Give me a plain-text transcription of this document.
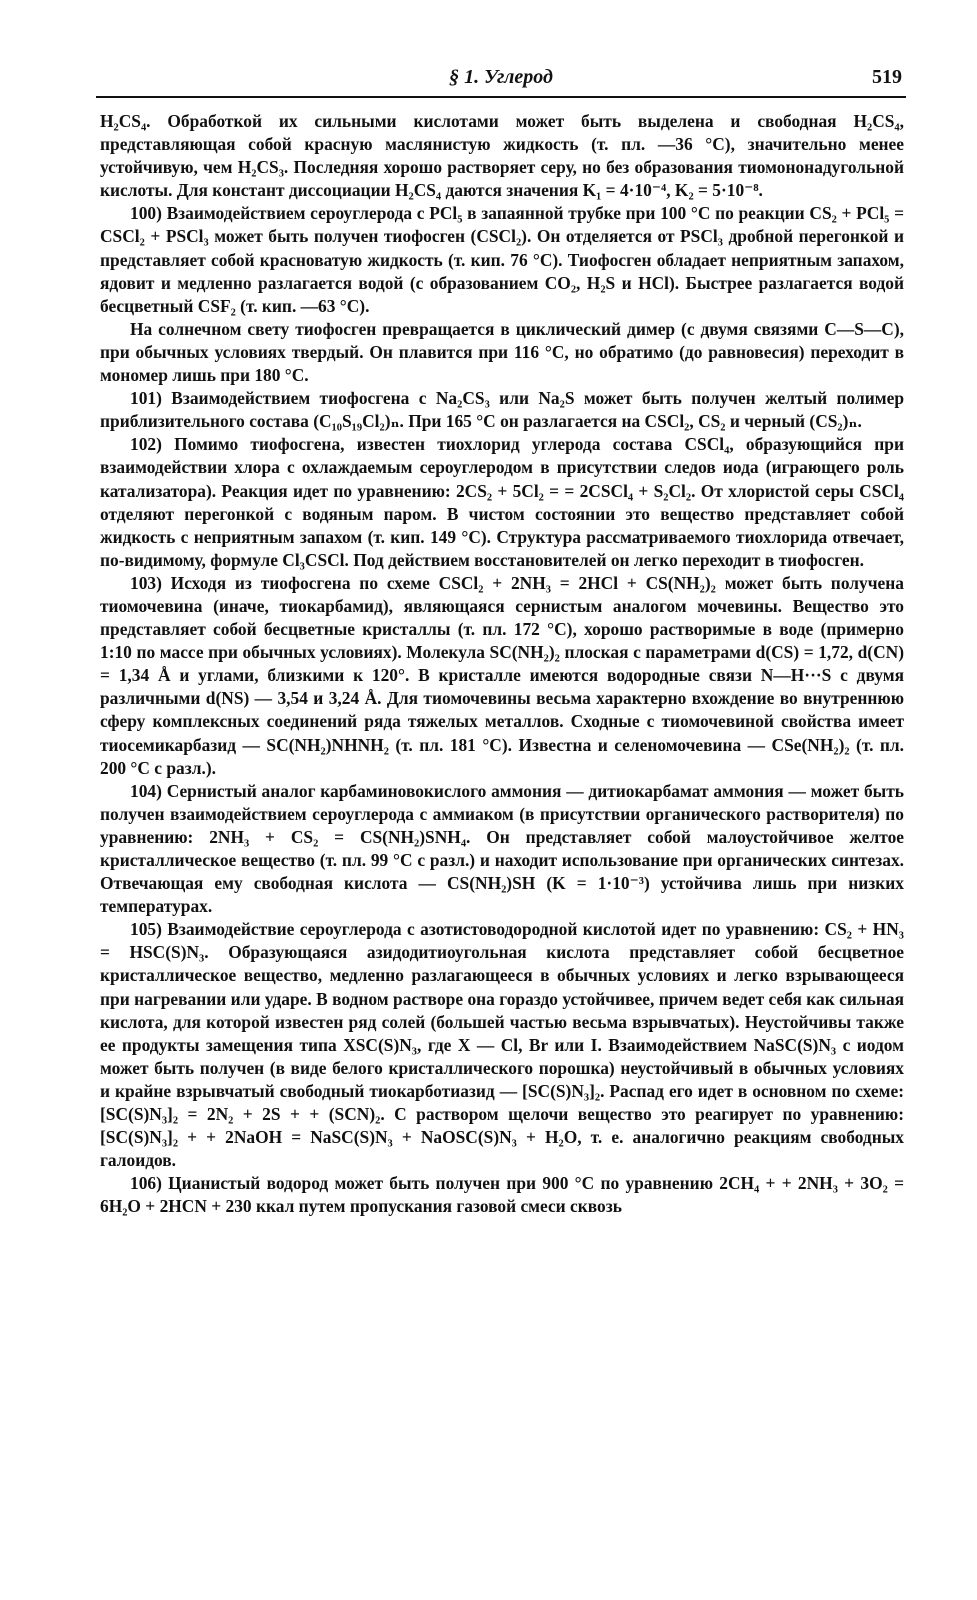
§ 1. Углерод	519

H₂CS₄. Обработкой их сильными кислотами может быть выделена и свободная H₂CS₄, представляющая собой красную маслянистую жидкость (т. пл. —36 °С), значительно менее устойчивую, чем H₂CS₃. Последняя хорошо растворяет серу, но без образования тиомононадугольной кислоты. Для констант диссоциации H₂CS₄ даются значения K₁ = 4·10⁻⁴, K₂ = 5·10⁻⁸.

100) Взаимодействием сероуглерода с PCl₅ в запаянной трубке при 100 °С по реакции CS₂ + PCl₅ = CSCl₂ + PSCl₃ может быть получен тиофосген (CSCl₂). Он отделяется от PSCl₃ дробной перегонкой и представляет собой красноватую жидкость (т. кип. 76 °С). Тиофосген обладает неприятным запахом, ядовит и медленно разлагается водой (с образованием CO₂, H₂S и HCl). Быстрее разлагается водой бесцветный CSF₂ (т. кип. —63 °С).

На солнечном свету тиофосген превращается в циклический димер (с двумя связями C—S—C), при обычных условиях твердый. Он плавится при 116 °С, но обратимо (до равновесия) переходит в мономер лишь при 180 °С.

101) Взаимодействием тиофосгена с Na₂CS₃ или Na₂S может быть получен желтый полимер приблизительного состава (C₁₀S₁₉Cl₂)ₙ. При 165 °С он разлагается на CSCl₂, CS₂ и черный (CS₂)ₙ.

102) Помимо тиофосгена, известен тиохлорид углерода состава CSCl₄, образующийся при взаимодействии хлора с охлаждаемым сероуглеродом в присутствии следов иода (играющего роль катализатора). Реакция идет по уравнению: 2CS₂ + 5Cl₂ = = 2CSCl₄ + S₂Cl₂. От хлористой серы CSCl₄ отделяют перегонкой с водяным паром. В чистом состоянии это вещество представляет собой жидкость с неприятным запахом (т. кип. 149 °С). Структура рассматриваемого тиохлорида отвечает, по-видимому, формуле Cl₃CSCl. Под действием восстановителей он легко переходит в тиофосген.

103) Исходя из тиофосгена по схеме CSCl₂ + 2NH₃ = 2HCl + CS(NH₂)₂ может быть получена тиомочевина (иначе, тиокарбамид), являющаяся сернистым аналогом мочевины. Вещество это представляет собой бесцветные кристаллы (т. пл. 172 °С), хорошо растворимые в воде (примерно 1:10 по массе при обычных условиях). Молекула SC(NH₂)₂ плоская с параметрами d(CS) = 1,72, d(CN) = 1,34 Å и углами, близкими к 120°. В кристалле имеются водородные связи N—H···S с двумя различными d(NS) — 3,54 и 3,24 Å. Для тиомочевины весьма характерно вхождение во внутреннюю сферу комплексных соединений ряда тяжелых металлов. Сходные с тиомочевиной свойства имеет тиосемикарбазид — SC(NH₂)NHNH₂ (т. пл. 181 °С). Известна и селеномочевина — CSe(NH₂)₂ (т. пл. 200 °С с разл.).

104) Сернистый аналог карбаминовокислого аммония — дитиокарбамат аммония — может быть получен взаимодействием сероуглерода с аммиаком (в присутствии органического растворителя) по уравнению: 2NH₃ + CS₂ = CS(NH₂)SNH₄. Он представляет собой малоустойчивое желтое кристаллическое вещество (т. пл. 99 °С с разл.) и находит использование при органических синтезах. Отвечающая ему свободная кислота — CS(NH₂)SH (K = 1·10⁻³) устойчива лишь при низких температурах.

105) Взаимодействие сероуглерода с азотистоводородной кислотой идет по уравнению: CS₂ + HN₃ = HSC(S)N₃. Образующаяся азидодитиоугольная кислота представляет собой бесцветное кристаллическое вещество, медленно разлагающееся в обычных условиях и легко взрывающееся при нагревании или ударе. В водном растворе она гораздо устойчивее, причем ведет себя как сильная кислота, для которой известен ряд солей (большей частью весьма взрывчатых). Неустойчивы также ее продукты замещения типа XSC(S)N₃, где X — Cl, Br или I. Взаимодействием NaSC(S)N₃ с иодом может быть получен (в виде белого кристаллического порошка) неустойчивый в обычных условиях и крайне взрывчатый свободный тиокарботиазид — [SC(S)N₃]₂. Распад его идет в основном по схеме: [SC(S)N₃]₂ = 2N₂ + 2S + + (SCN)₂. С раствором щелочи вещество это реагирует по уравнению: [SC(S)N₃]₂ + + 2NaOH = NaSC(S)N₃ + NaOSC(S)N₃ + H₂O, т. е. аналогично реакциям свободных галоидов.

106) Цианистый водород может быть получен при 900 °С по уравнению 2CH₄ + + 2NH₃ + 3O₂ = 6H₂O + 2HCN + 230 ккал путем пропускания газовой смеси сквозь
